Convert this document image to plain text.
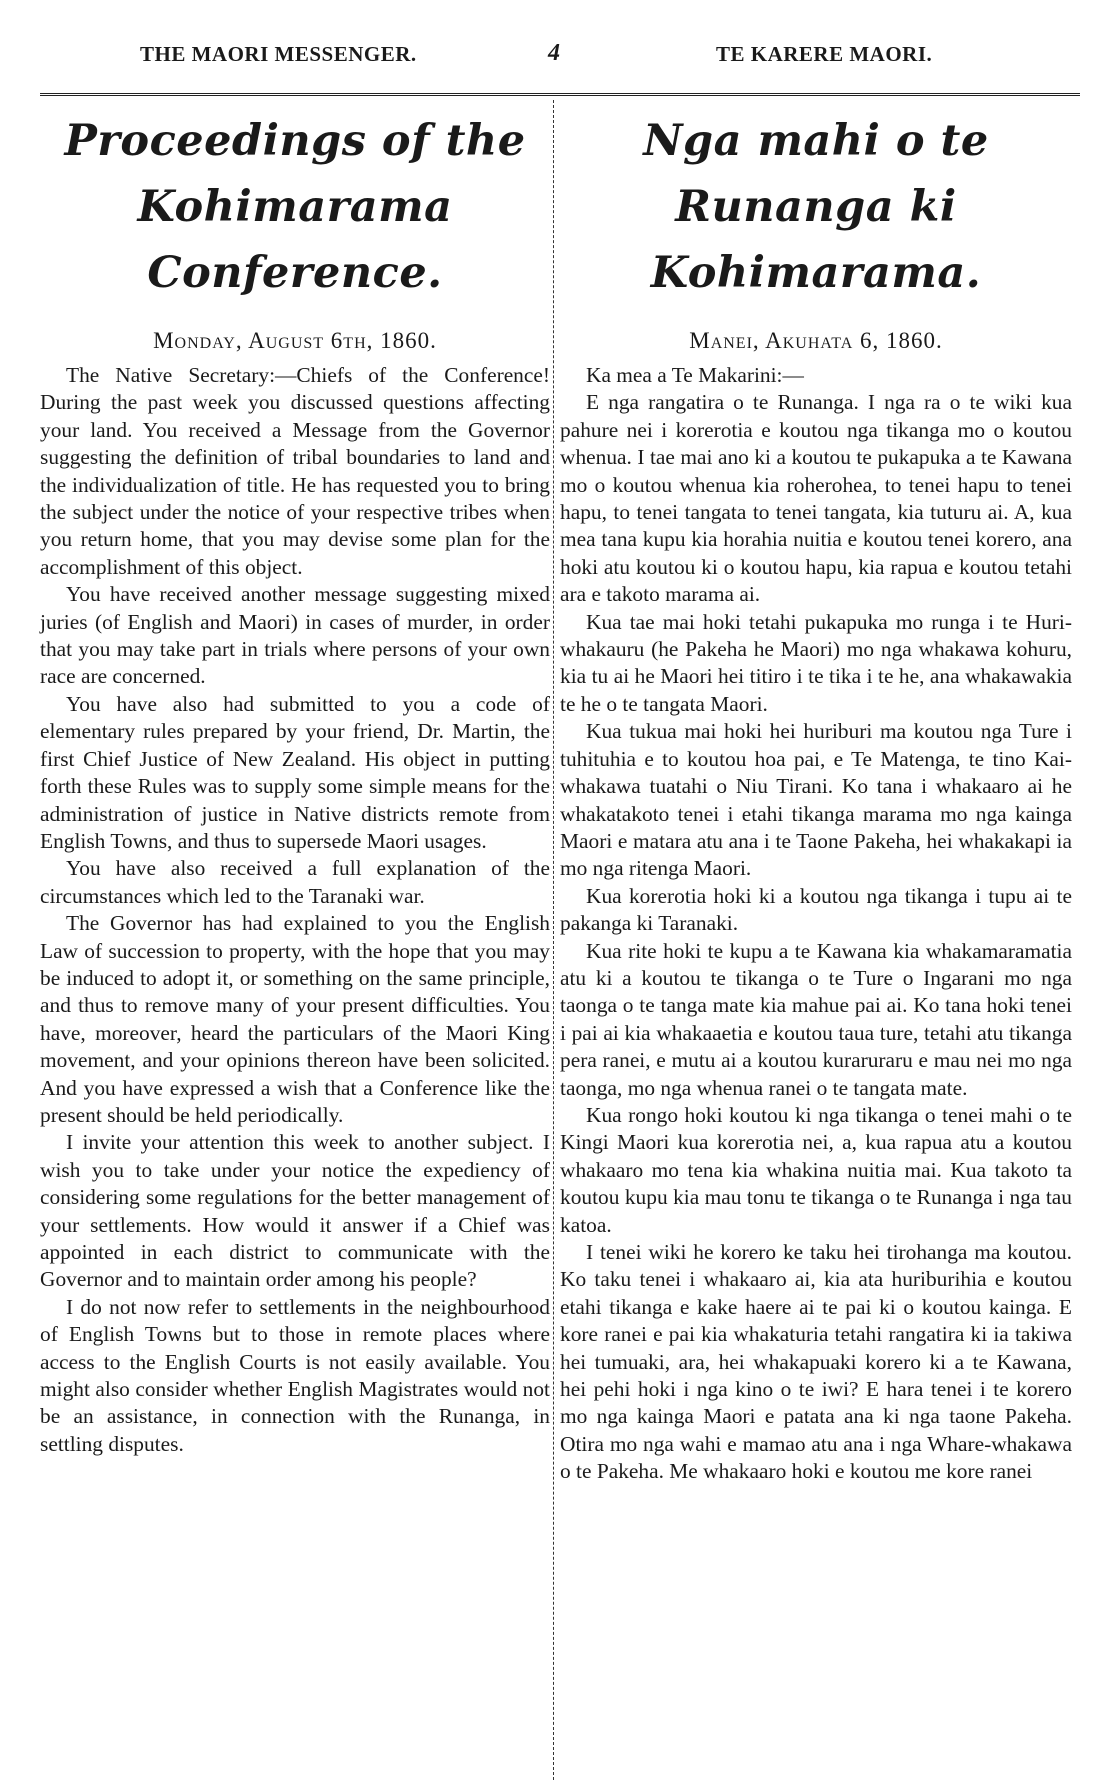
THE MAORI MESSENGER.	4	TE KARERE MAORI.
Proceedings of the Kohimarama Conference.
Monday, August 6th, 1860.

The Native Secretary:—Chiefs of the Conference! During the past week you discussed questions affecting your land. You received a Message from the Governor suggesting the definition of tribal boundaries to land and the individualization of title. He has requested you to bring the subject under the notice of your respective tribes when you return home, that you may devise some plan for the accomplishment of this object.

You have received another message suggesting mixed juries (of English and Maori) in cases of murder, in order that you may take part in trials where persons of your own race are concerned.

You have also had submitted to you a code of elementary rules prepared by your friend, Dr. Martin, the first Chief Justice of New Zealand. His object in putting forth these Rules was to supply some simple means for the administration of justice in Native districts remote from English Towns, and thus to supersede Maori usages.

You have also received a full explanation of the circumstances which led to the Taranaki war.

The Governor has had explained to you the English Law of succession to property, with the hope that you may be induced to adopt it, or something on the same principle, and thus to remove many of your present difficulties. You have, moreover, heard the particulars of the Maori King movement, and your opinions thereon have been solicited. And you have expressed a wish that a Conference like the present should be held periodically.

I invite your attention this week to another subject. I wish you to take under your notice the expediency of considering some regulations for the better management of your settlements. How would it answer if a Chief was appointed in each district to communicate with the Governor and to maintain order among his people?

I do not now refer to settlements in the neighbourhood of English Towns but to those in remote places where access to the English Courts is not easily available. You might also consider whether English Magistrates would not be an assistance, in connection with the Runanga, in settling disputes.

Nga mahi o te Runanga ki Kohimarama.
Manei, Akuhata 6, 1860.

Ka mea a Te Makarini:—

E nga rangatira o te Runanga. I nga ra o te wiki kua pahure nei i korerotia e koutou nga tikanga mo o koutou whenua. I tae mai ano ki a koutou te pukapuka a te Kawana mo o koutou whenua kia roherohea, to tenei hapu to tenei hapu, to tenei tangata to tenei tangata, kia tuturu ai. A, kua mea tana kupu kia horahia nuitia e koutou tenei korero, ana hoki atu koutou ki o koutou hapu, kia rapua e koutou tetahi ara e takoto marama ai.

Kua tae mai hoki tetahi pukapuka mo runga i te Huri-whakauru (he Pakeha he Maori) mo nga whakawa kohuru, kia tu ai he Maori hei titiro i te tika i te he, ana whakawakia te he o te tangata Maori.

Kua tukua mai hoki hei huriburi ma koutou nga Ture i tuhituhia e to koutou hoa pai, e Te Matenga, te tino Kai-whakawa tuatahi o Niu Tirani. Ko tana i whakaaro ai he whakatakoto tenei i etahi tikanga marama mo nga kainga Maori e matara atu ana i te Taone Pakeha, hei whakakapi ia mo nga ritenga Maori.

Kua korerotia hoki ki a koutou nga tikanga i tupu ai te pakanga ki Taranaki.

Kua rite hoki te kupu a te Kawana kia whakamaramatia atu ki a koutou te tikanga o te Ture o Ingarani mo nga taonga o te tanga mate kia mahue pai ai. Ko tana hoki tenei i pai ai kia whakaaetia e koutou taua ture, tetahi atu tikanga pera ranei, e mutu ai a koutou kuraruraru e mau nei mo nga taonga, mo nga whenua ranei o te tangata mate.

Kua rongo hoki koutou ki nga tikanga o tenei mahi o te Kingi Maori kua korerotia nei, a, kua rapua atu a koutou whakaaro mo tena kia whakina nuitia mai. Kua takoto ta koutou kupu kia mau tonu te tikanga o te Runanga i nga tau katoa.

I tenei wiki he korero ke taku hei tirohanga ma koutou. Ko taku tenei i whakaaro ai, kia ata huriburihia e koutou etahi tikanga e kake haere ai te pai ki o koutou kainga. E kore ranei e pai kia whakaturia tetahi rangatira ki ia takiwa hei tumuaki, ara, hei whakapuaki korero ki a te Kawana, hei pehi hoki i nga kino o te iwi? E hara tenei i te korero mo nga kainga Maori e patata ana ki nga taone Pakeha. Otira mo nga wahi e mamao atu ana i nga Whare-whakawa o te Pakeha. Me whakaaro hoki e koutou me kore ranei
